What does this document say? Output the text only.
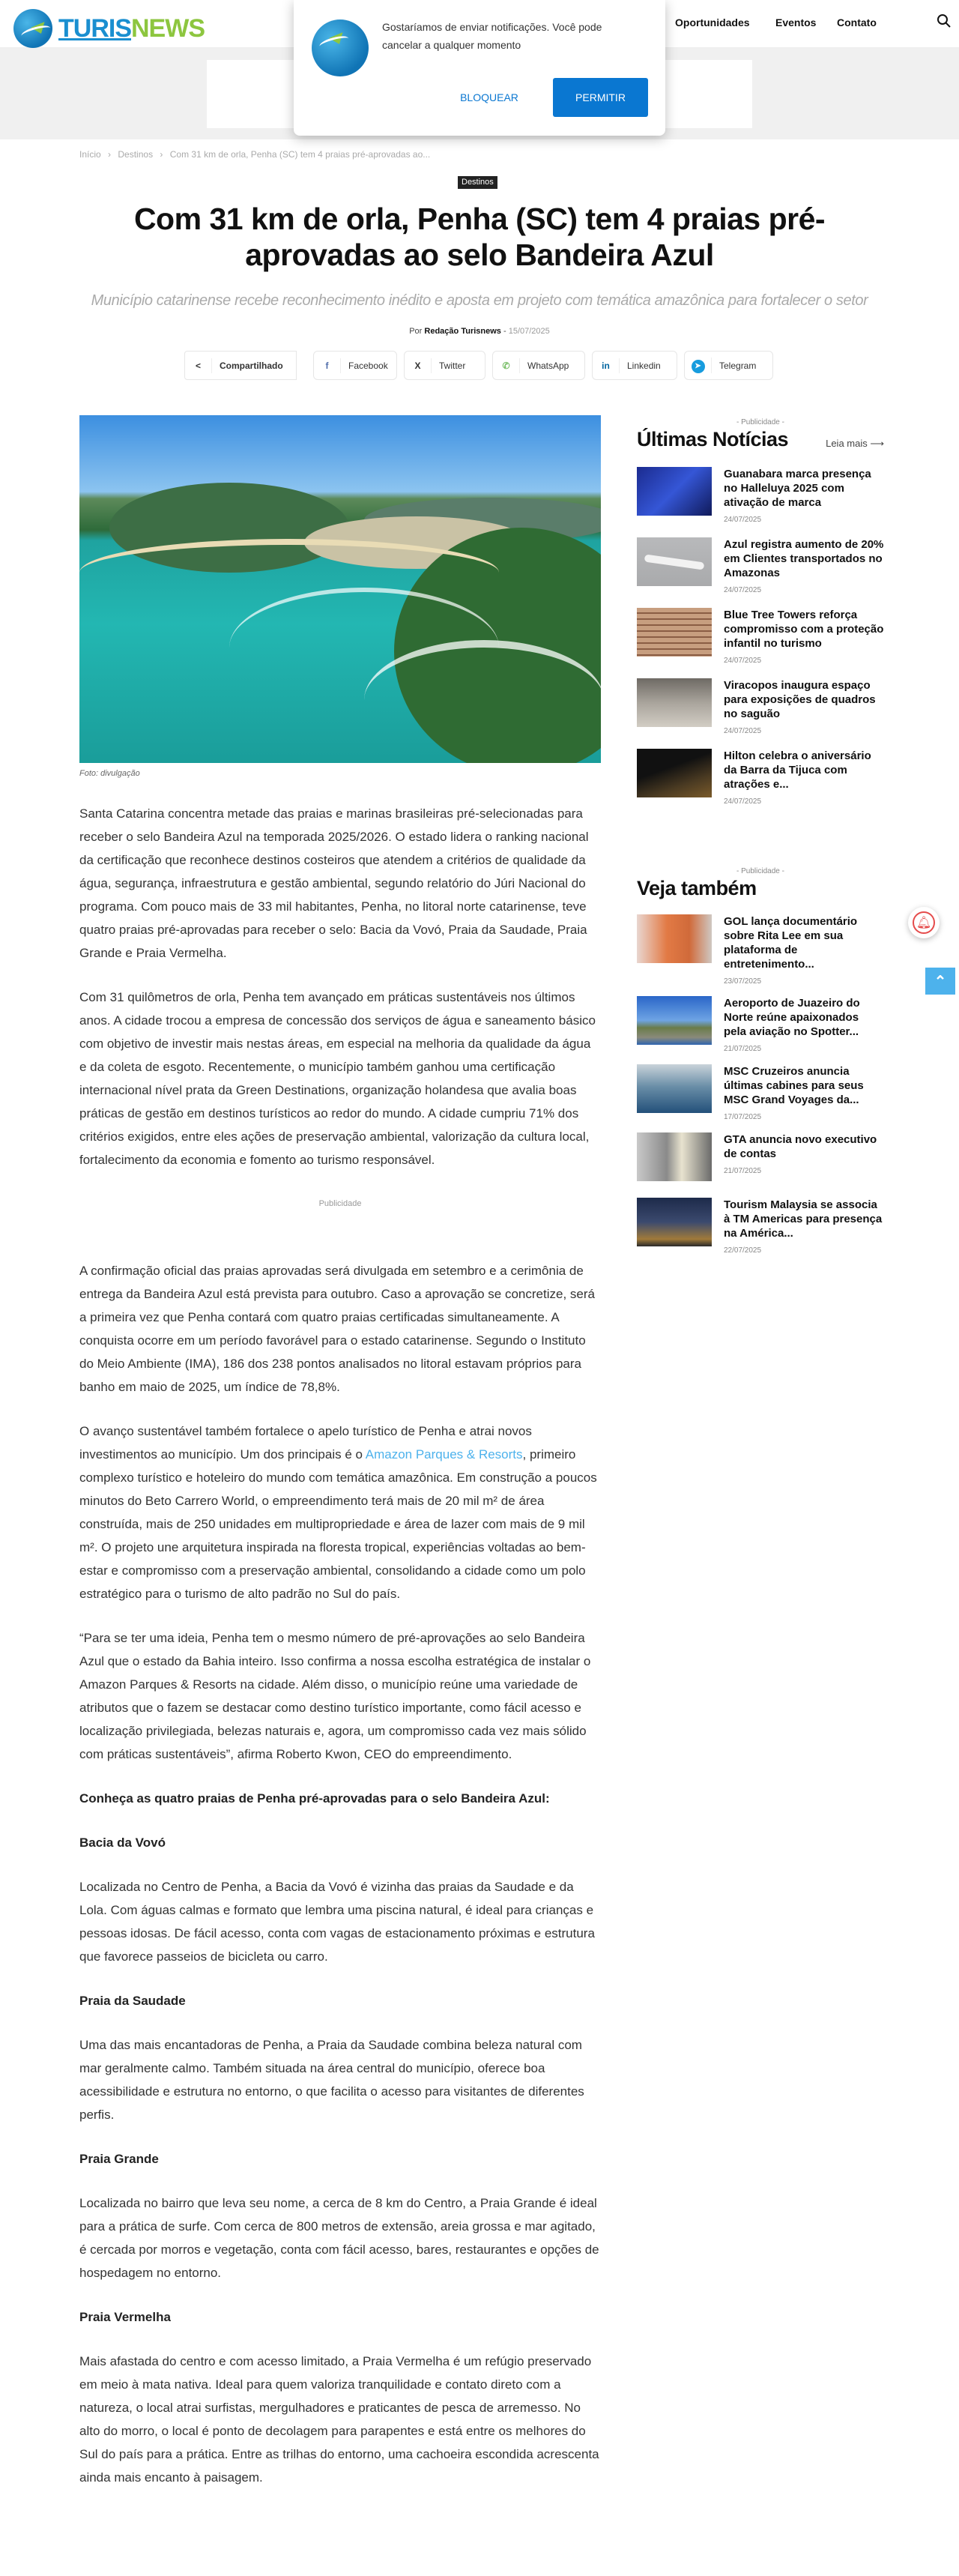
TURISNEWS	Oportunidades Eventos Contato
Gostaríamos de enviar notificações. Você pode cancelar a qualquer momento
BLOQUEAR	PERMITIR
Início › Destinos › Com 31 km de orla, Penha (SC) tem 4 praias pré-aprovadas ao...
Destinos
Com 31 km de orla, Penha (SC) tem 4 praias pré-aprovadas ao selo Bandeira Azul
Município catarinense recebe reconhecimento inédito e aposta em projeto com temática amazônica para fortalecer o setor
Por Redação Turisnews - 15/07/2025
<	Compartilhado	f	Facebook	X	Twitter	✆	WhatsApp	in	Linkedin	➤	Telegram
Foto: divulgação

Santa Catarina concentra metade das praias e marinas brasileiras pré-selecionadas para receber o selo Bandeira Azul na temporada 2025/2026. O estado lidera o ranking nacional da certificação que reconhece destinos costeiros que atendem a critérios de qualidade da água, segurança, infraestrutura e gestão ambiental, segundo relatório do Júri Nacional do programa. Com pouco mais de 33 mil habitantes, Penha, no litoral norte catarinense, teve quatro praias pré-aprovadas para receber o selo: Bacia da Vovó, Praia da Saudade, Praia Grande e Praia Vermelha.

Com 31 quilômetros de orla, Penha tem avançado em práticas sustentáveis nos últimos anos. A cidade trocou a empresa de concessão dos serviços de água e saneamento básico com objetivo de investir mais nestas áreas, em especial na melhoria da qualidade da água e da coleta de esgoto. Recentemente, o município também ganhou uma certificação internacional nível prata da Green Destinations, organização holandesa que avalia boas práticas de gestão em destinos turísticos ao redor do mundo. A cidade cumpriu 71% dos critérios exigidos, entre eles ações de preservação ambiental, valorização da cultura local, fortalecimento da economia e fomento ao turismo responsável.

Publicidade

A confirmação oficial das praias aprovadas será divulgada em setembro e a cerimônia de entrega da Bandeira Azul está prevista para outubro. Caso a aprovação se concretize, será a primeira vez que Penha contará com quatro praias certificadas simultaneamente. A conquista ocorre em um período favorável para o estado catarinense. Segundo o Instituto do Meio Ambiente (IMA), 186 dos 238 pontos analisados no litoral estavam próprios para banho em maio de 2025, um índice de 78,8%.

O avanço sustentável também fortalece o apelo turístico de Penha e atrai novos investimentos ao município. Um dos principais é o Amazon Parques & Resorts, primeiro complexo turístico e hoteleiro do mundo com temática amazônica. Em construção a poucos minutos do Beto Carrero World, o empreendimento terá mais de 20 mil m² de área construída, mais de 250 unidades em multipropriedade e área de lazer com mais de 9 mil m². O projeto une arquitetura inspirada na floresta tropical, experiências voltadas ao bem-estar e compromisso com a preservação ambiental, consolidando a cidade como um polo estratégico para o turismo de alto padrão no Sul do país.

“Para se ter uma ideia, Penha tem o mesmo número de pré-aprovações ao selo Bandeira Azul que o estado da Bahia inteiro. Isso confirma a nossa escolha estratégica de instalar o Amazon Parques & Resorts na cidade. Além disso, o município reúne uma variedade de atributos que o fazem se destacar como destino turístico importante, como fácil acesso e localização privilegiada, belezas naturais e, agora, um compromisso cada vez mais sólido com práticas sustentáveis”, afirma Roberto Kwon, CEO do empreendimento.

Conheça as quatro praias de Penha pré-aprovadas para o selo Bandeira Azul:
Bacia da Vovó

Localizada no Centro de Penha, a Bacia da Vovó é vizinha das praias da Saudade e da Lola. Com águas calmas e formato que lembra uma piscina natural, é ideal para crianças e pessoas idosas. De fácil acesso, conta com vagas de estacionamento próximas e estrutura que favorece passeios de bicicleta ou carro.

Praia da Saudade

Uma das mais encantadoras de Penha, a Praia da Saudade combina beleza natural com mar geralmente calmo. Também situada na área central do município, oferece boa acessibilidade e estrutura no entorno, o que facilita o acesso para visitantes de diferentes perfis.

Praia Grande

Localizada no bairro que leva seu nome, a cerca de 8 km do Centro, a Praia Grande é ideal para a prática de surfe. Com cerca de 800 metros de extensão, areia grossa e mar agitado, é cercada por morros e vegetação, conta com fácil acesso, bares, restaurantes e opções de hospedagem no entorno.

Praia Vermelha

Mais afastada do centro e com acesso limitado, a Praia Vermelha é um refúgio preservado em meio à mata nativa. Ideal para quem valoriza tranquilidade e contato direto com a natureza, o local atrai surfistas, mergulhadores e praticantes de pesca de arremesso. No alto do morro, o local é ponto de decolagem para parapentes e está entre os melhores do Sul do país para a prática. Entre as trilhas do entorno, uma cachoeira escondida acrescenta ainda mais encanto à paisagem.

- Publicidade -
Últimas Notícias	Leia mais ⟶
Guanabara marca presença no Halleluya 2025 com ativação de marca
24/07/2025
Azul registra aumento de 20% em Clientes transportados no Amazonas
24/07/2025
Blue Tree Towers reforça compromisso com a proteção infantil no turismo
24/07/2025
Viracopos inaugura espaço para exposições de quadros no saguão
24/07/2025
Hilton celebra o aniversário da Barra da Tijuca com atrações e...
24/07/2025
- Publicidade -
Veja também
GOL lança documentário sobre Rita Lee em sua plataforma de entretenimento...
23/07/2025
Aeroporto de Juazeiro do Norte reúne apaixonados pela aviação no Spotter...
21/07/2025
MSC Cruzeiros anuncia últimas cabines para seus MSC Grand Voyages da...
17/07/2025
GTA anuncia novo executivo de contas
21/07/2025
Tourism Malaysia se associa à TM Americas para presença na América...
22/07/2025
🔔︎
⌃
